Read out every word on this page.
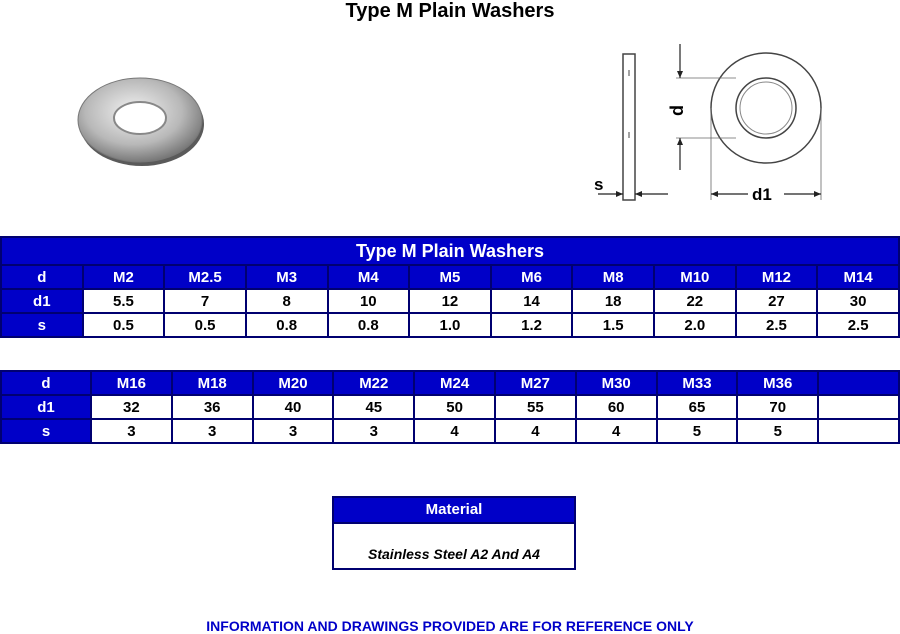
Type M Plain Washers
s
d
d1
Type M Plain Washers										
d	M2	M2.5	M3	M4	M5	M6	M8	M10	M12	M14
d1	5.5	7	8	10	12	14	18	22	27	30
s	0.5	0.5	0.8	0.8	1.0	1.2	1.5	2.0	2.5	2.5
d	M16	M18	M20	M22	M24	M27	M30	M33	M36	
d1	32	36	40	45	50	55	60	65	70	
s	3	3	3	3	4	4	4	5	5	
Material
Stainless Steel A2 And A4
INFORMATION AND DRAWINGS PROVIDED ARE FOR REFERENCE ONLY
